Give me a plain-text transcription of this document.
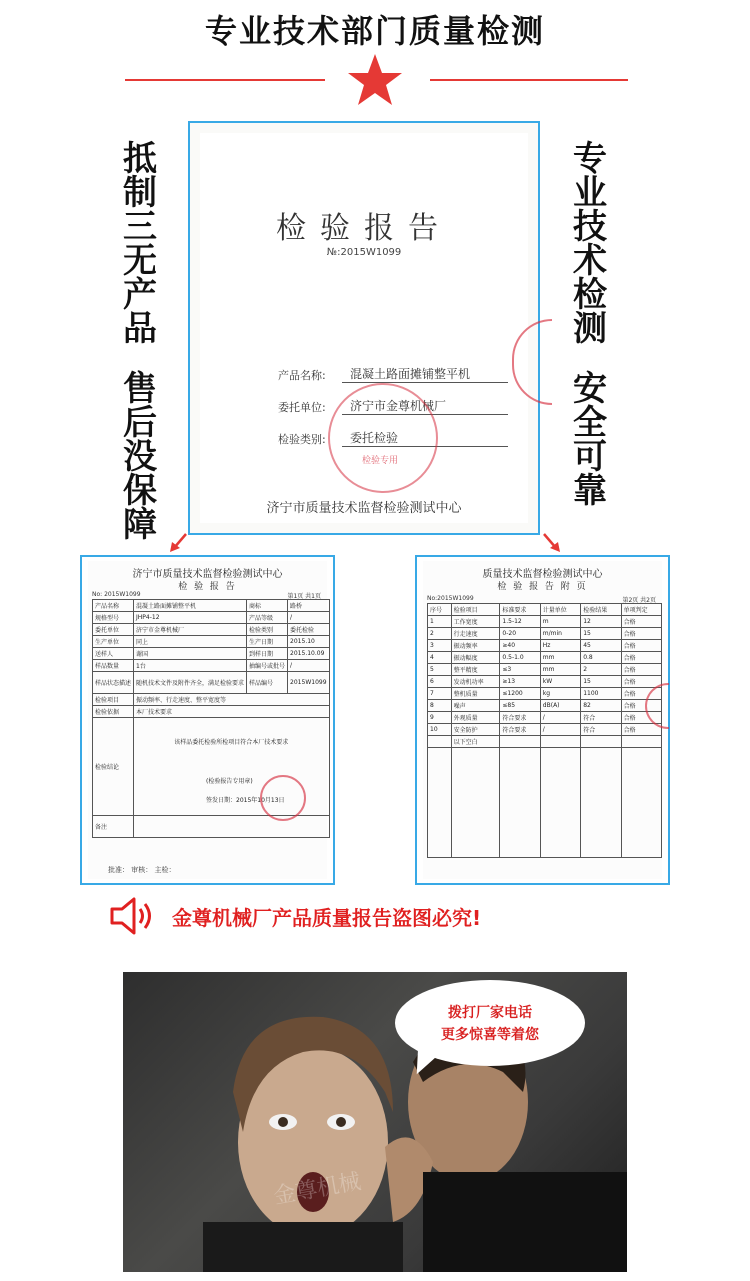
专业技术部门质量检测
抵
制
三
无
产
品
售
后
没
保
障
专
业
技
术
检
测
安
全
可
靠
检验报告
№:2015W1099
产品名称:	混凝土路面摊铺整平机
委托单位:	济宁市金尊机械厂
检验类别:	委托检验
济宁市质量技术监督检验测试中心
检验专用
济宁市质量技术监督检验测试中心
检 验 报 告
No: 2015W1099	第1页 共1页
产品名称	混凝土路面摊铺整平机	商标	路桥
规格型号	JHP4-12	产品等级	/
委托单位	济宁市金尊机械厂	检验类别	委托检验
生产单位	同上	生产日期	2015.10
送样人	谢国	到样日期	2015.10.09
样品数量	1台	抽编号或批号	/
样品状态描述	随机技术文件及附件齐全，满足检验要求	样品编号	2015W1099
检验项目	振动频率、行走速度、整平宽度等		
检验依据	本厂技术要求		
检验结论	该样品委托检验所检项目符合本厂技术要求
(检验报告专用章)
签发日期：2015年10月13日		

备注			
批准： 审核： 主检：
质量技术监督检验测试中心
检 验 报 告 附 页
No:2015W1099	第2页 共2页
序号	检验项目	标准要求	计量单位	检验结果	单项判定
1	工作宽度	1.5-12	m	12	合格
2	行走速度	0-20	m/min	15	合格
3	振动频率	≥40	Hz	45	合格
4	振动幅度	0.5-1.0	mm	0.8	合格
5	整平精度	≤3	mm	2	合格
6	发动机功率	≥13	kW	15	合格
7	整机质量	≤1200	kg	1100	合格
8	噪声	≤85	dB(A)	82	合格
9	外观质量	符合要求	/	符合	合格
10	安全防护	符合要求	/	符合	合格
	以下空白				

金尊机械厂产品质量报告盗图必究!
拨打厂家电话
更多惊喜等着您
金尊机械
